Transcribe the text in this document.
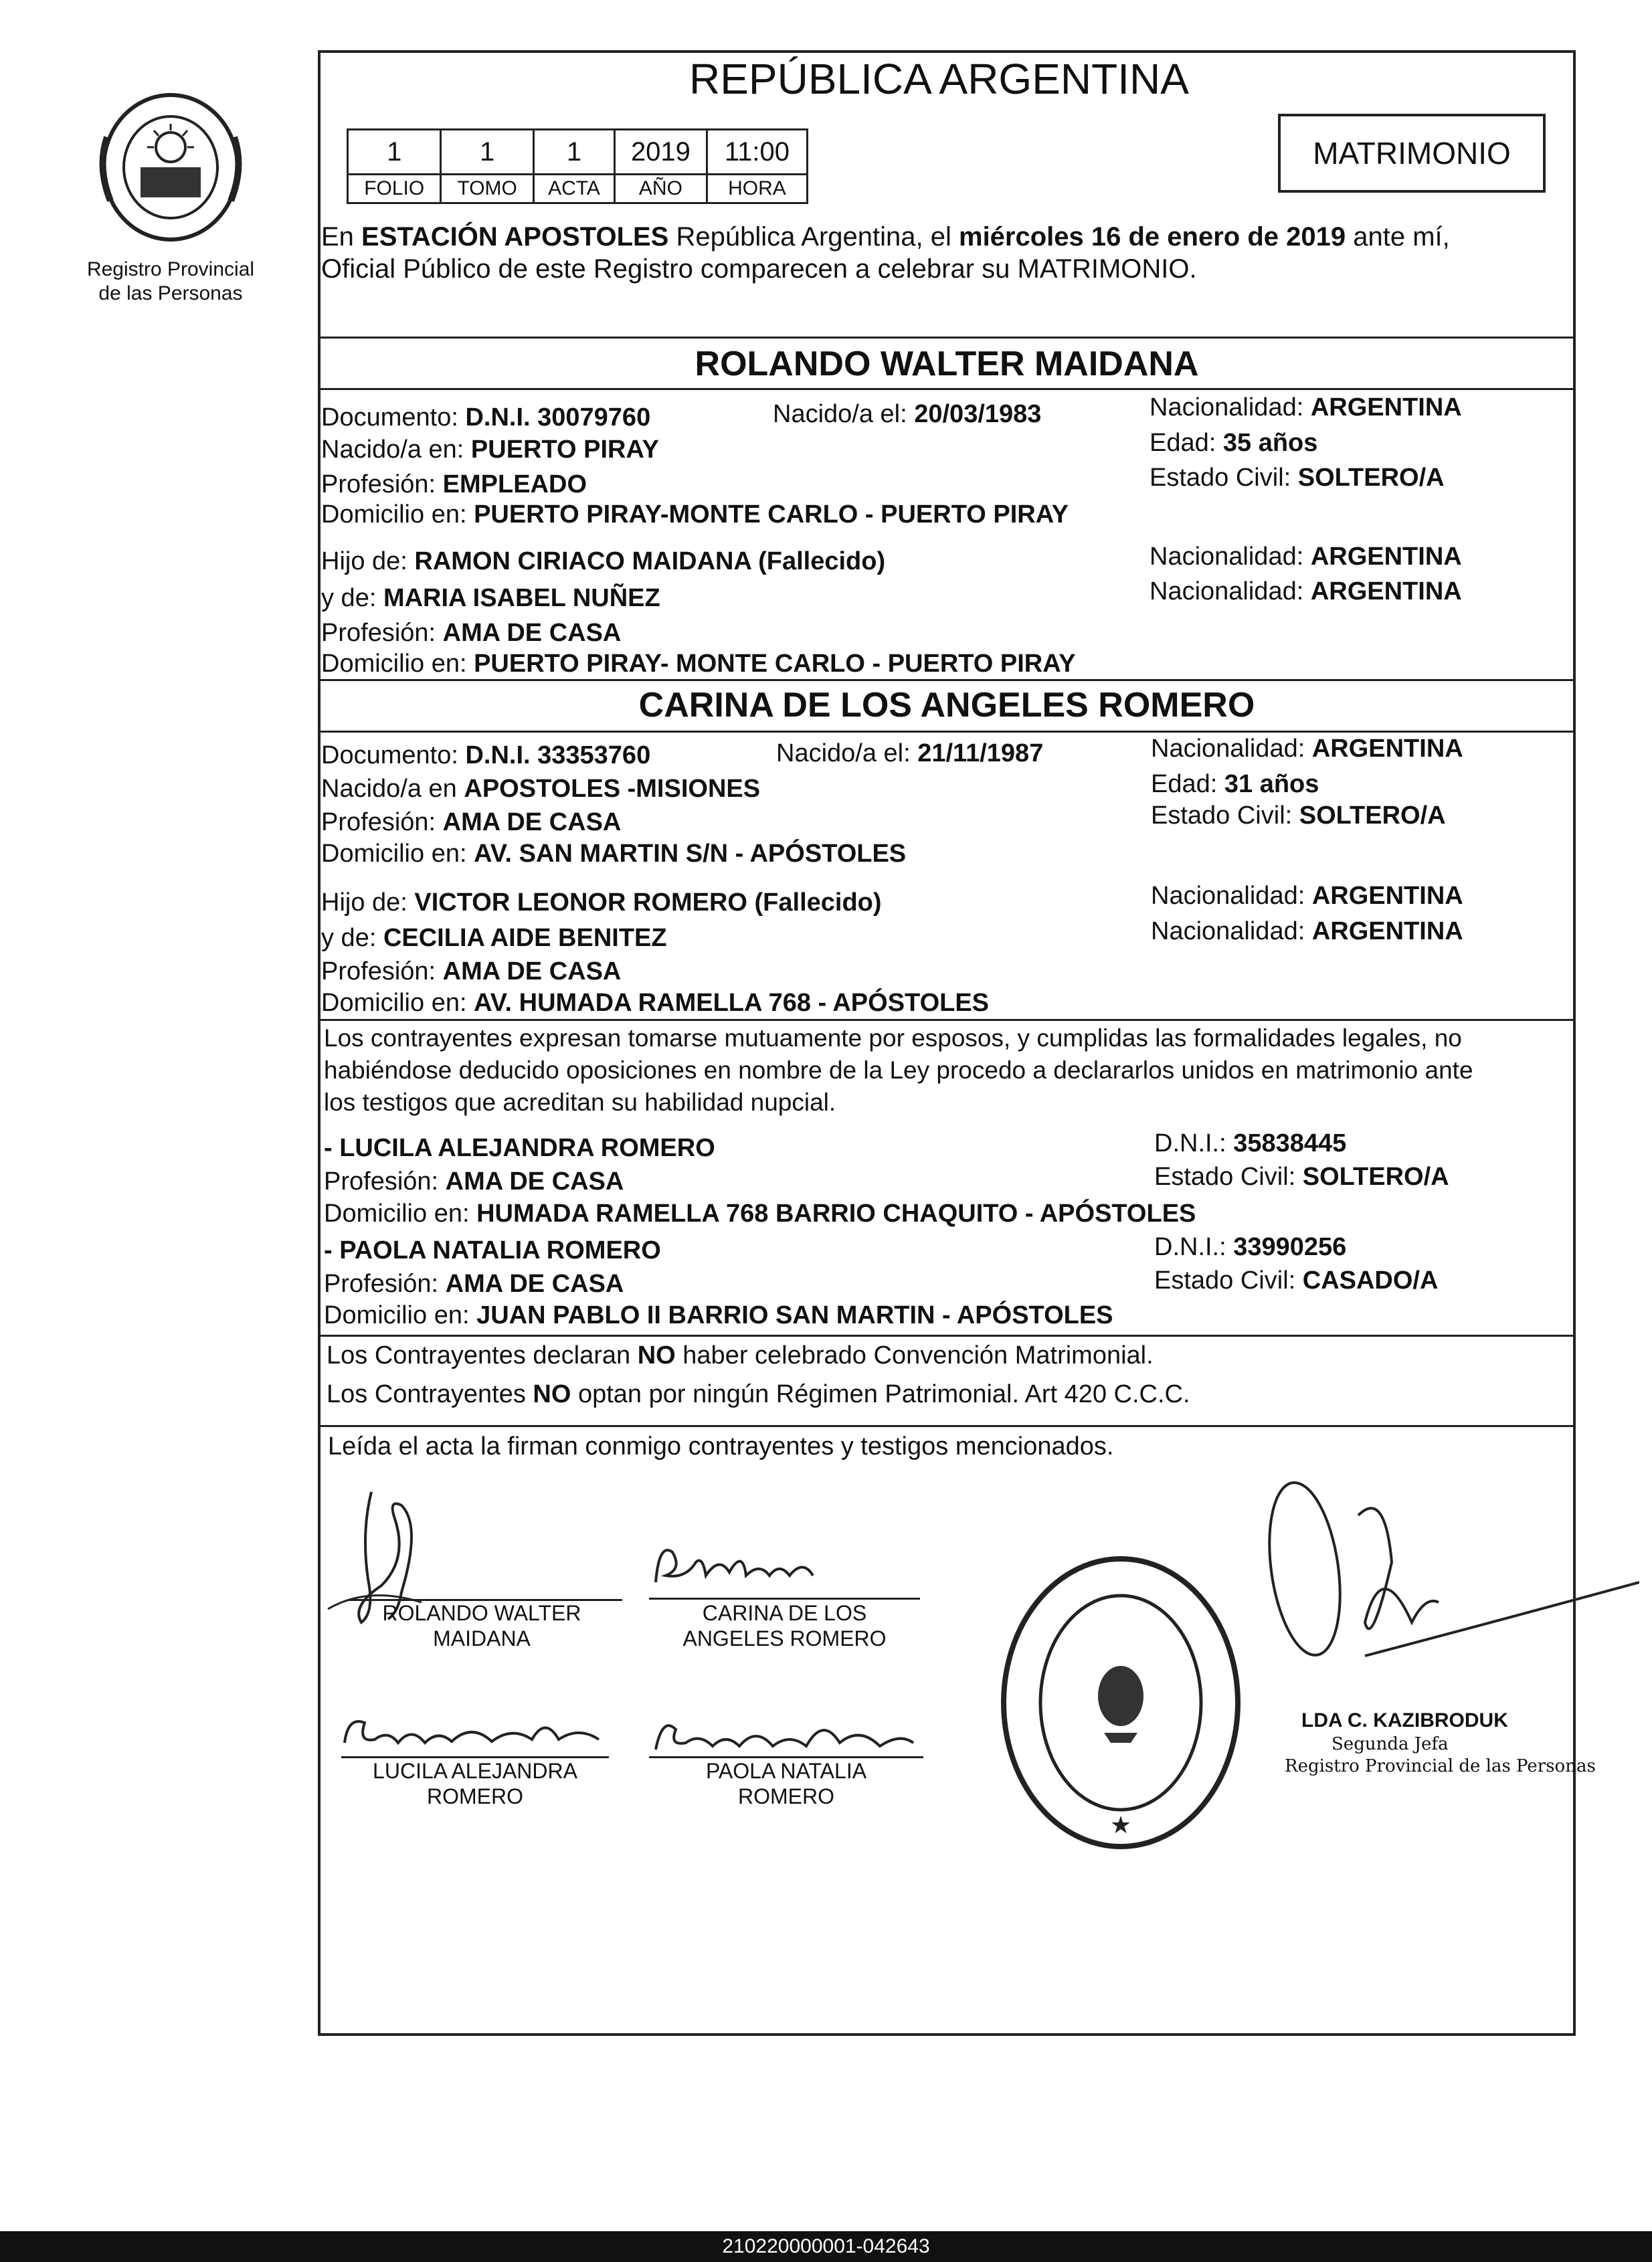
Registro Provincial
de las Personas
REPÚBLICA ARGENTINA
1	1	1	2019	11:00
FOLIO	TOMO	ACTA	AÑO	HORA
MATRIMONIO
En ESTACIÓN APOSTOLES República Argentina, el miércoles 16 de enero de 2019 ante mí,
Oficial Público de este Registro comparecen a celebrar su MATRIMONIO.
ROLANDO WALTER MAIDANA
Documento: D.N.I. 30079760	Nacido/a el: 20/03/1983	Nacionalidad: ARGENTINA
Nacido/a en: PUERTO PIRAY	Edad: 35 años
Profesión: EMPLEADO	Estado Civil: SOLTERO/A
Domicilio en: PUERTO PIRAY-MONTE CARLO - PUERTO PIRAY
Hijo de: RAMON CIRIACO MAIDANA (Fallecido)	Nacionalidad: ARGENTINA
y de: MARIA ISABEL NUÑEZ	Nacionalidad: ARGENTINA
Profesión: AMA DE CASA
Domicilio en: PUERTO PIRAY- MONTE CARLO - PUERTO PIRAY
CARINA DE LOS ANGELES ROMERO
Documento: D.N.I. 33353760	Nacido/a el: 21/11/1987	Nacionalidad: ARGENTINA
Nacido/a en APOSTOLES -MISIONES	Edad: 31 años
Profesión: AMA DE CASA	Estado Civil: SOLTERO/A
Domicilio en: AV. SAN MARTIN S/N - APÓSTOLES
Hijo de: VICTOR LEONOR ROMERO (Fallecido)	Nacionalidad: ARGENTINA
y de: CECILIA AIDE BENITEZ	Nacionalidad: ARGENTINA
Profesión: AMA DE CASA
Domicilio en: AV. HUMADA RAMELLA 768 - APÓSTOLES
Los contrayentes expresan tomarse mutuamente por esposos, y cumplidas las formalidades legales, no
habiéndose deducido oposiciones en nombre de la Ley procedo a declararlos unidos en matrimonio ante
los testigos que acreditan su habilidad nupcial.
- LUCILA ALEJANDRA ROMERO	D.N.I.: 35838445
Profesión: AMA DE CASA	Estado Civil: SOLTERO/A
Domicilio en: HUMADA RAMELLA 768 BARRIO CHAQUITO - APÓSTOLES
- PAOLA NATALIA ROMERO	D.N.I.: 33990256
Profesión: AMA DE CASA	Estado Civil: CASADO/A
Domicilio en: JUAN PABLO II BARRIO SAN MARTIN - APÓSTOLES
Los Contrayentes declaran NO haber celebrado Convención Matrimonial.
Los Contrayentes NO optan por ningún Régimen Patrimonial. Art 420 C.C.C.
Leída el acta la firman conmigo contrayentes y testigos mencionados.
ROLANDO WALTER
MAIDANA
RoCarina
CARINA DE LOS
ANGELES ROMERO
LUCILA ALEJANDRA
ROMERO
PAOLA NATALIA
ROMERO
★
LDA C. KAZIBRODUK
Segunda Jefa
Registro Provincial de las Personas
210220000001-042643
